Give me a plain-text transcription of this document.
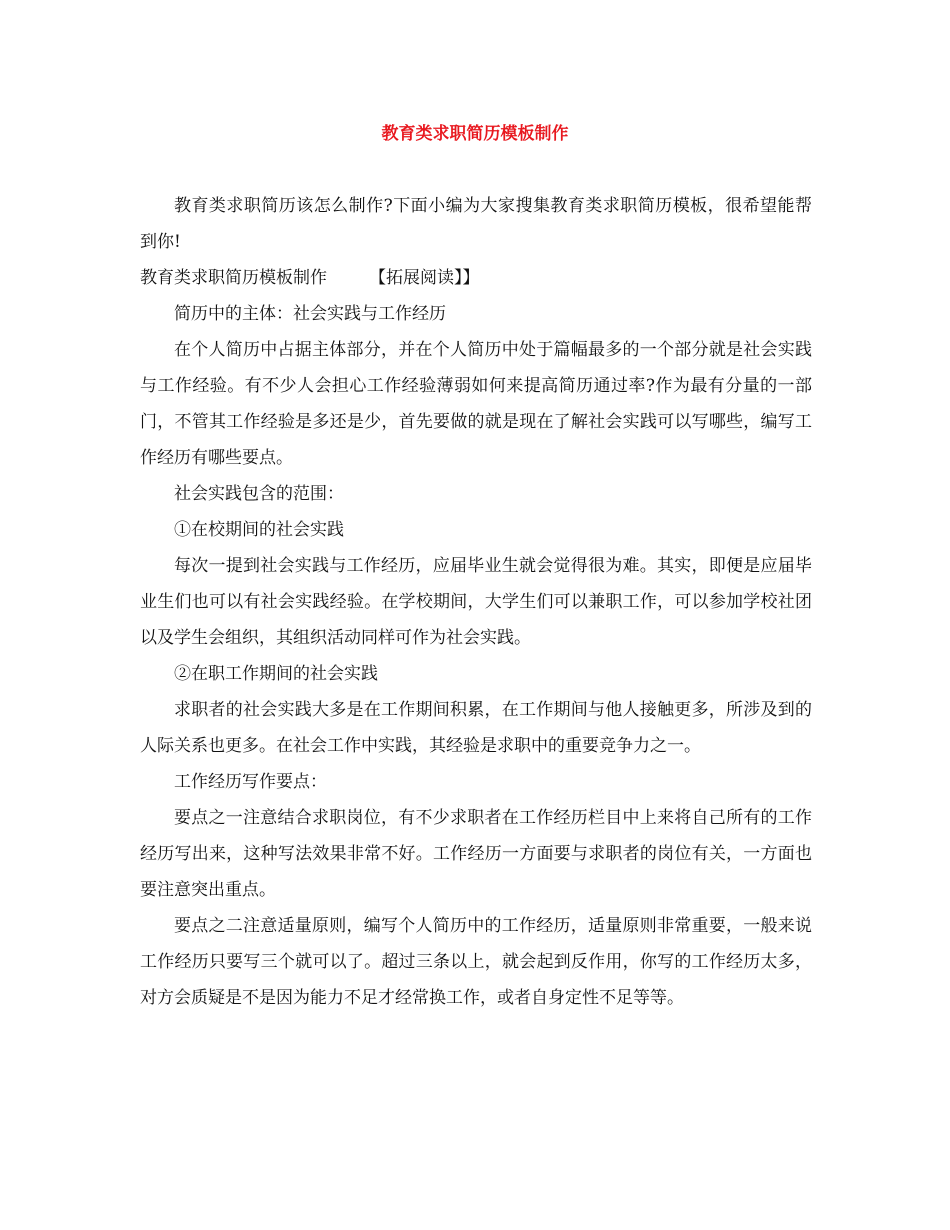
教育类求职简历模板制作

教育类求职简历该怎么制作?下面小编为大家搜集教育类求职简历模板，很希望能帮到你!

教育类求职简历模板制作 【拓展阅读】】

简历中的主体：社会实践与工作经历

在个人简历中占据主体部分，并在个人简历中处于篇幅最多的一个部分就是社会实践与工作经验。有不少人会担心工作经验薄弱如何来提高简历通过率?作为最有分量的一部门，不管其工作经验是多还是少，首先要做的就是现在了解社会实践可以写哪些，编写工作经历有哪些要点。

社会实践包含的范围：

①在校期间的社会实践

每次一提到社会实践与工作经历，应届毕业生就会觉得很为难。其实，即便是应届毕业生们也可以有社会实践经验。在学校期间，大学生们可以兼职工作，可以参加学校社团以及学生会组织，其组织活动同样可作为社会实践。

②在职工作期间的社会实践

求职者的社会实践大多是在工作期间积累，在工作期间与他人接触更多，所涉及到的人际关系也更多。在社会工作中实践，其经验是求职中的重要竞争力之一。

工作经历写作要点：

要点之一注意结合求职岗位，有不少求职者在工作经历栏目中上来将自己所有的工作经历写出来，这种写法效果非常不好。工作经历一方面要与求职者的岗位有关，一方面也要注意突出重点。

要点之二注意适量原则，编写个人简历中的工作经历，适量原则非常重要，一般来说工作经历只要写三个就可以了。超过三条以上，就会起到反作用，你写的工作经历太多，对方会质疑是不是因为能力不足才经常换工作，或者自身定性不足等等。
